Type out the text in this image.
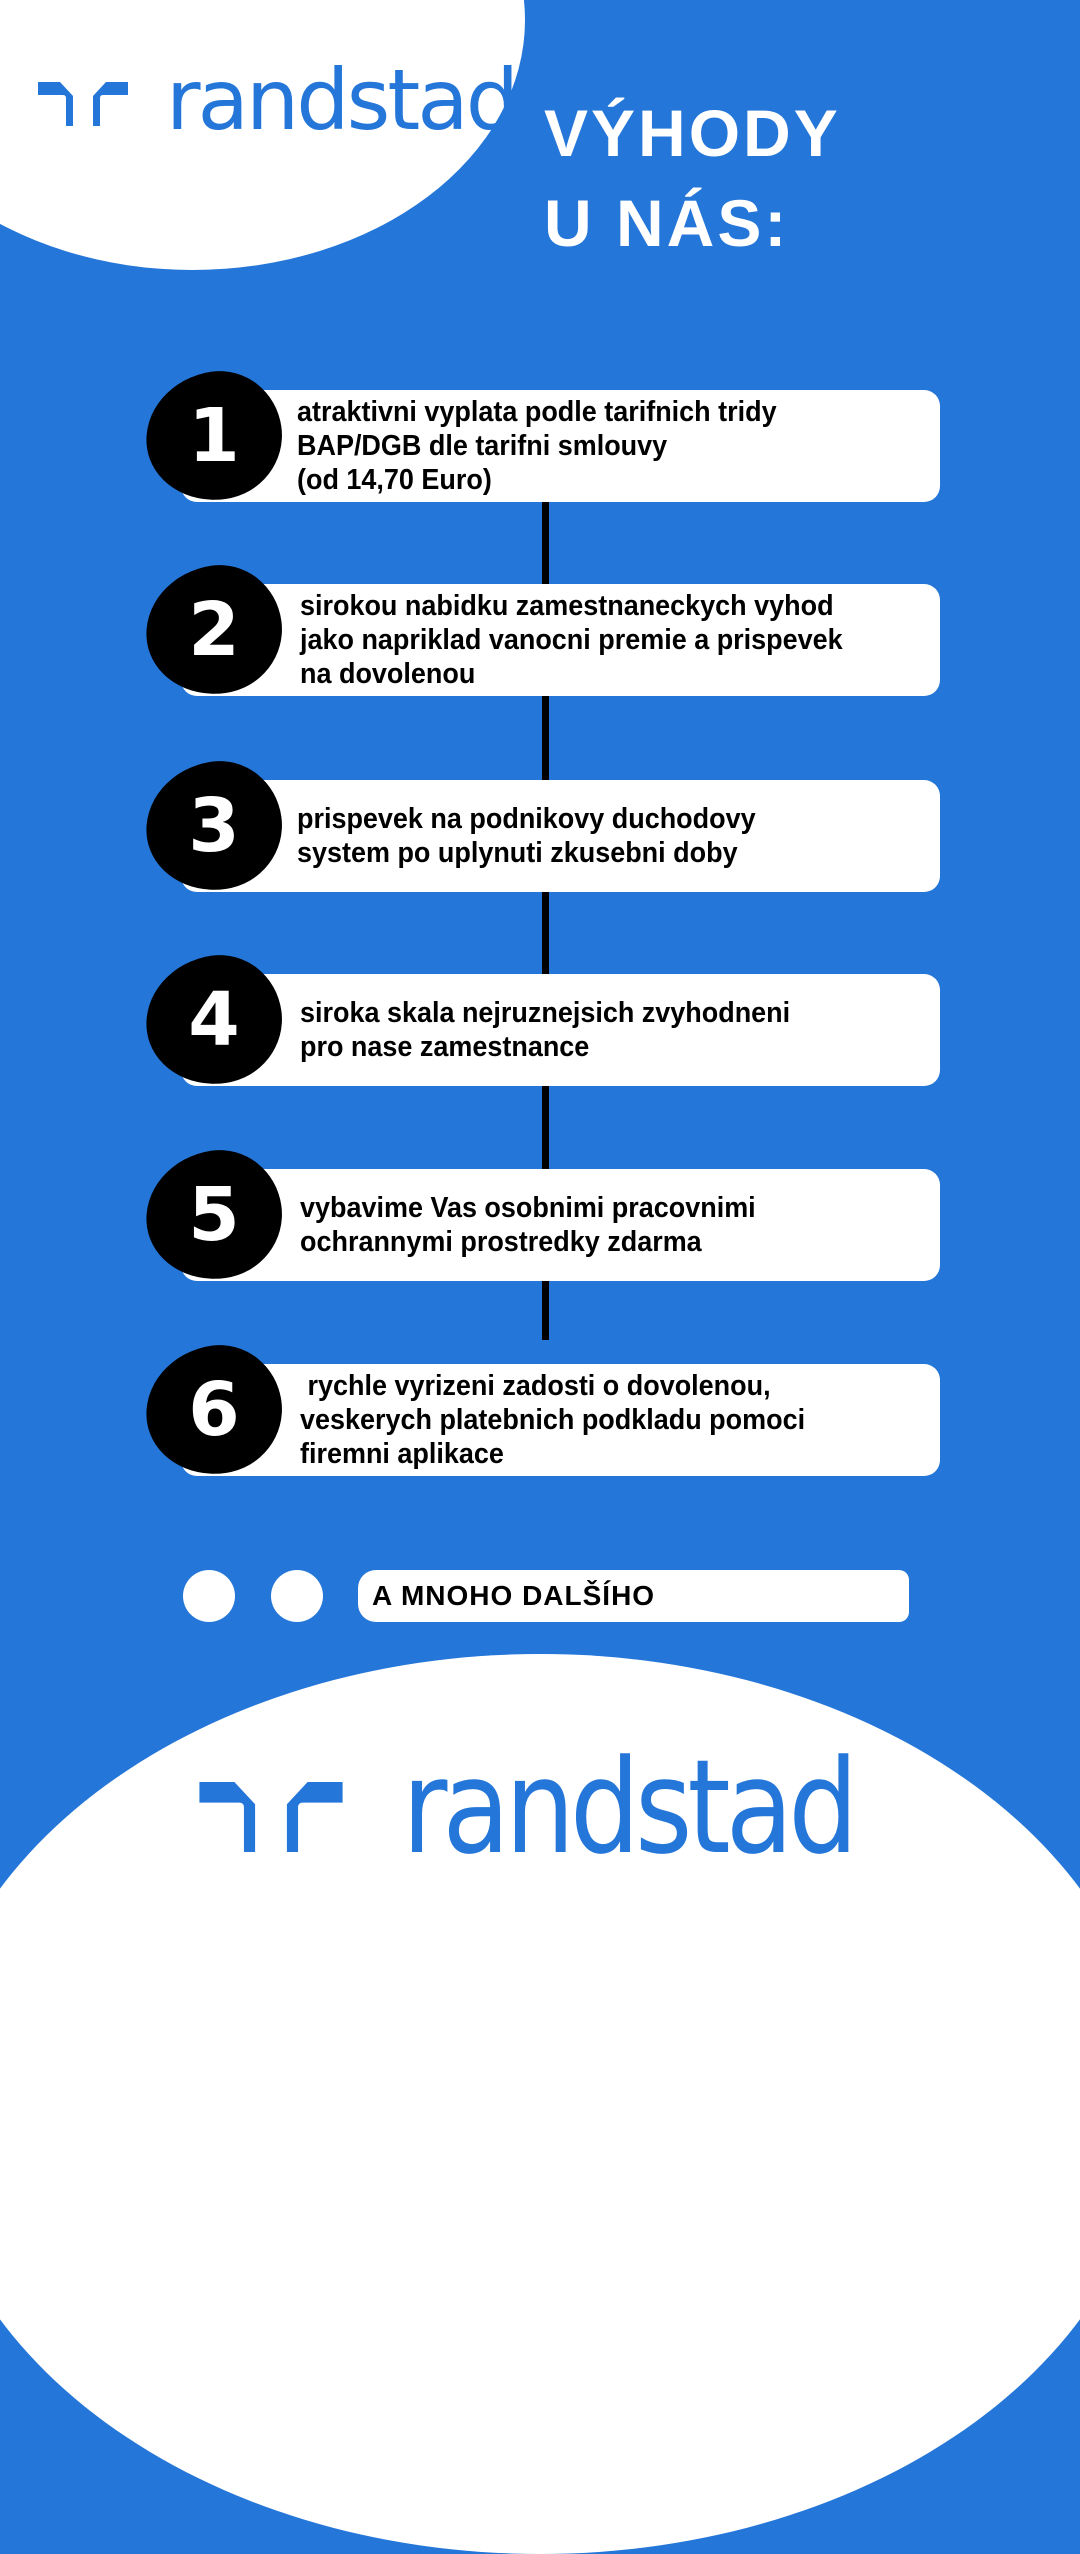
randstad VÝHODY
U NÁS:
1	atraktivni vyplata podle tarifnich tridy
BAP/DGB dle tarifni smlouvy
(od 14,70 Euro)
2	sirokou nabidku zamestnaneckych vyhod
jako napriklad vanocni premie a prispevek
na dovolenou
3	prispevek na podnikovy duchodovy
system po uplynuti zkusebni doby
4	siroka skala nejruznejsich zvyhodneni
pro nase zamestnance
5	vybavime Vas osobnimi pracovnimi
ochrannymi prostredky zdarma
6	rychle vyrizeni zadosti o dovolenou,
veskerych platebnich podkladu pomoci
firemni aplikace
A MNOHO DALŠÍHO
randstad
